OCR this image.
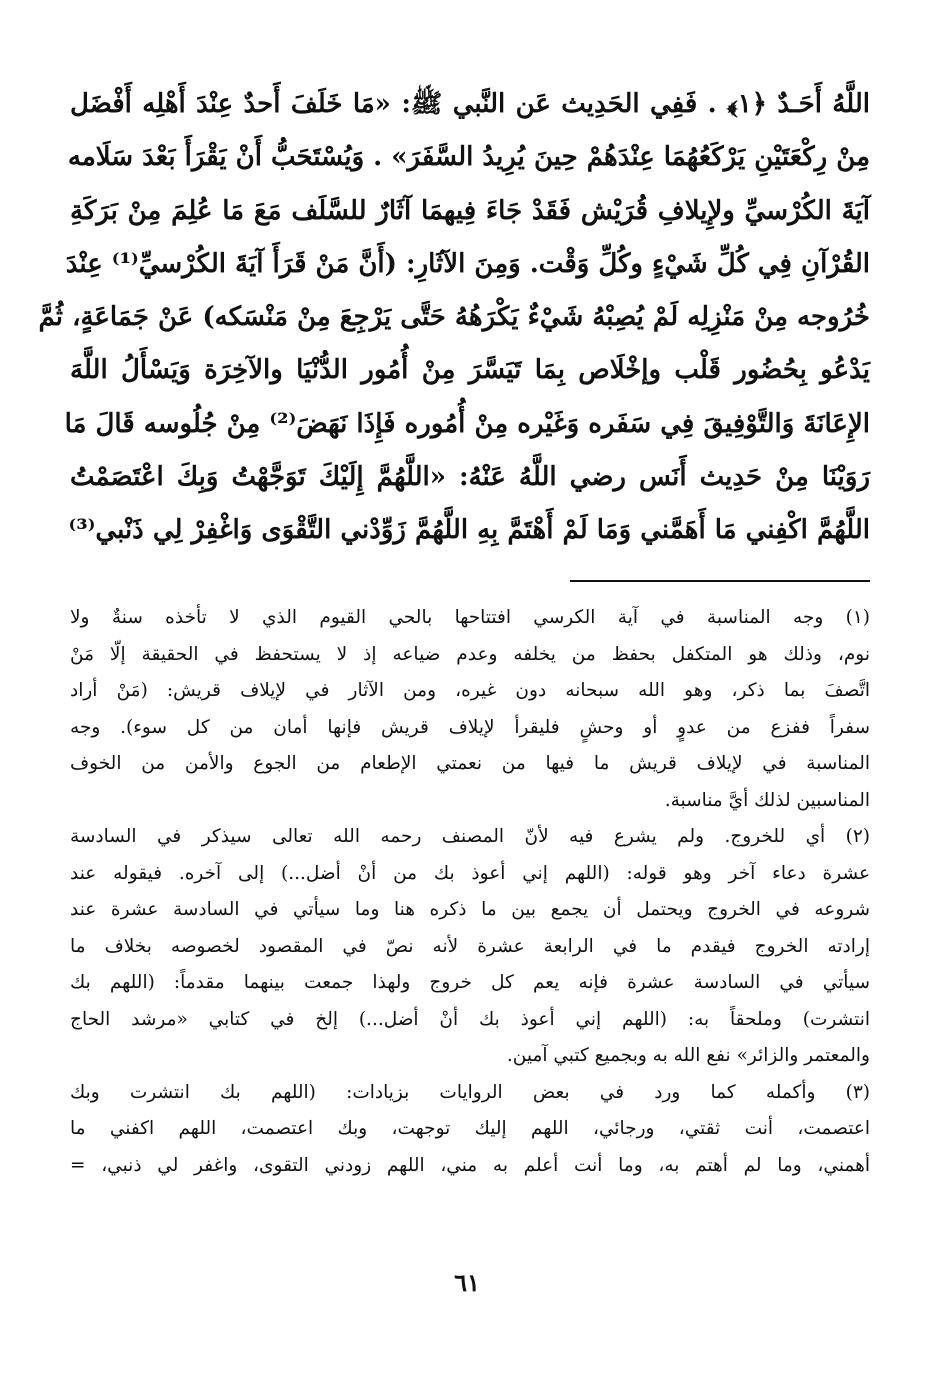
اللَّهُ أَحَـدٌ ﴿١﴾ . فَفِي الحَدِيث عَن النَّبي ﷺ: «مَا خَلَفَ أَحدٌ عِنْدَ أَهْلِه أَفْضَل
مِنْ رِكْعَتَيْنِ يَرْكَعُهُمَا عِنْدَهُمْ حِينَ يُرِيدُ السَّفَرَ» . وَيُسْتَحَبُّ أَنْ يَقْرَأَ بَعْدَ سَلَامه
آيَةَ الكُرْسيِّ ولإِيلافِ قُرَيْش فَقَدْ جَاءَ فِيهمَا آثَارٌ للسَّلَف مَعَ مَا عُلِمَ مِنْ بَرَكَةِ
القُرْآنِ فِي كُلِّ شَيْءٍ وكُلِّ وَقْت. وَمِنَ الآثَارِ: (أَنَّ مَنْ قَرَأَ آيَةَ الكُرْسيِّ⁽¹⁾ عِنْدَ
خُرُوجه مِنْ مَنْزِلِه لَمْ يُصِبْهُ شَيْءٌ يَكْرَهُهُ حَتَّى يَرْجِعَ مِنْ مَنْسَكه) عَنْ جَمَاعَةٍ، ثُمَّ
يَدْعُو بِحُضُور قَلْب وإخْلَاص بِمَا تَيَسَّرَ مِنْ أُمُور الدُّنْيَا والآخِرَة وَيَسْأَلُ اللَّهَ
الإِعَانَةَ وَالتَّوْفِيقَ فِي سَفَره وَغَيْره مِنْ أُمُوره فَإِذَا نَهَضَ⁽²⁾ مِنْ جُلُوسه قَالَ مَا
رَوَيْنَا مِنْ حَدِيث أَنَس رضي اللَّهُ عَنْهُ: «اللَّهُمَّ إِلَيْكَ تَوَجَّهْتُ وَبِكَ اعْتَصَمْتُ
اللَّهُمَّ اكْفِني مَا أَهَمَّني وَمَا لَمْ أَهْتَمَّ بِهِ اللَّهُمَّ زَوِّدْني التَّقْوَى وَاغْفِرْ لِي ذَنْبي⁽³⁾
(١) وجه المناسبة في آية الكرسي افتتاحها بالحي القيوم الذي لا تأخذه سنةٌ ولا
نوم، وذلك هو المتكفل بحفظ من يخلفه وعدم ضياعه إذ لا يستحفظ في الحقيقة إلّا مَنْ
اتَّصفَ بما ذكر، وهو الله سبحانه دون غيره، ومن الآثار في لإيلاف قريش: (مَنْ أراد
سفراً ففزع من عدوٍ أو وحشٍ فليقرأ لإيلاف قريش فإنها أمان من كل سوء). وجه
المناسبة في لإيلاف قريش ما فيها من نعمتي الإطعام من الجوع والأمن من الخوف
المناسبين لذلك أيَّ مناسبة.
(٢) أي للخروج. ولم يشرع فيه لأنّ المصنف رحمه الله تعالى سيذكر في السادسة
عشرة دعاء آخر وهو قوله: (اللهم إني أعوذ بك من أنْ أضل...) إلى آخره. فيقوله عند
شروعه في الخروج ويحتمل أن يجمع بين ما ذكره هنا وما سيأتي في السادسة عشرة عند
إرادته الخروج فيقدم ما في الرابعة عشرة لأنه نصّ في المقصود لخصوصه بخلاف ما
سيأتي في السادسة عشرة فإنه يعم كل خروج ولهذا جمعت بينهما مقدماً: (اللهم بك
انتشرت) وملحقاً به: (اللهم إني أعوذ بك أنْ أضل...) إلخ في كتابي «مرشد الحاج
والمعتمر والزائر» نفع الله به وبجميع كتبي آمين.
(٣) وأكمله كما ورد في بعض الروايات بزيادات: (اللهم بك انتشرت وبك
اعتصمت، أنت ثقتي، ورجائي، اللهم إليك توجهت، وبك اعتصمت، اللهم اكفني ما
أهمني، وما لم أهتم به، وما أنت أعلم به مني، اللهم زودني التقوى، واغفر لي ذنبي، =
٦١
